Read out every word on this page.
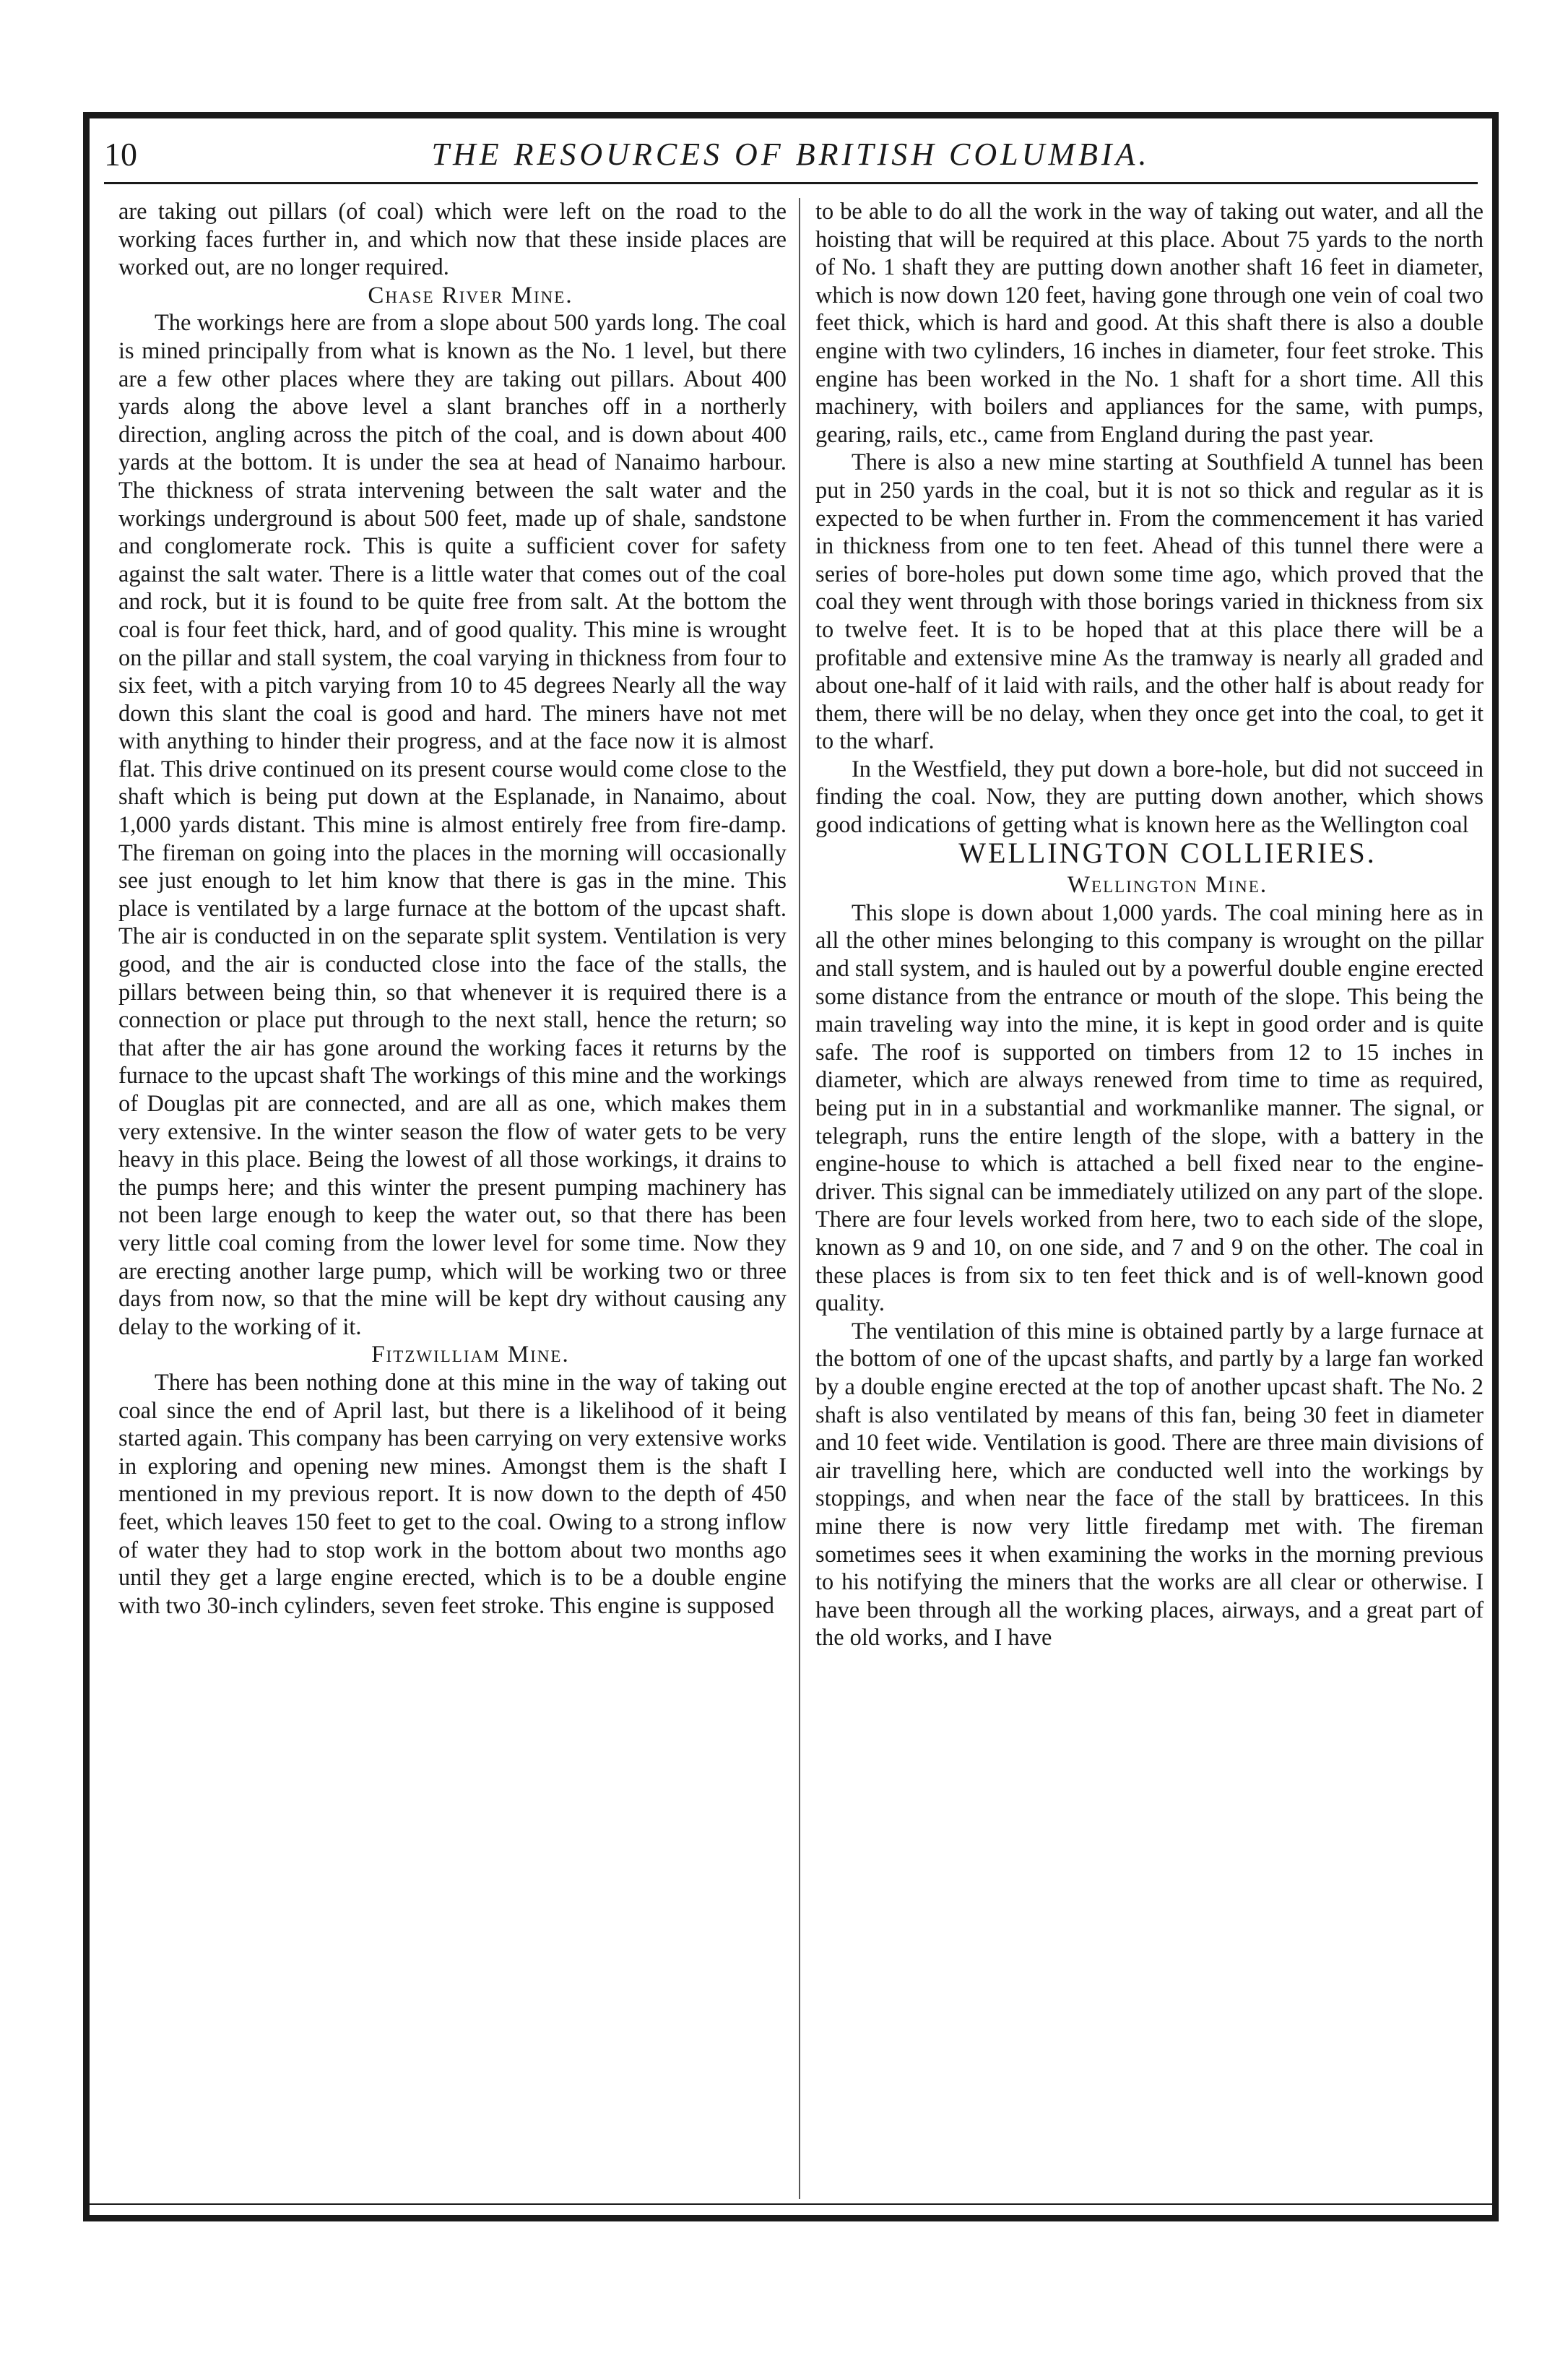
10	THE RESOURCES OF BRITISH COLUMBIA.

are taking out pillars (of coal) which were left on the road to the working faces further in, and which now that these inside places are worked out, are no longer required.

Chase River Mine.

The workings here are from a slope about 500 yards long. The coal is mined principally from what is known as the No. 1 level, but there are a few other places where they are taking out pillars. About 400 yards along the above level a slant branches off in a northerly direction, angling across the pitch of the coal, and is down about 400 yards at the bottom. It is under the sea at head of Nanaimo harbour. The thickness of strata intervening between the salt water and the workings underground is about 500 feet, made up of shale, sandstone and conglomerate rock. This is quite a sufficient cover for safety against the salt water. There is a little water that comes out of the coal and rock, but it is found to be quite free from salt. At the bottom the coal is four feet thick, hard, and of good quality. This mine is wrought on the pillar and stall system, the coal varying in thickness from four to six feet, with a pitch varying from 10 to 45 degrees Nearly all the way down this slant the coal is good and hard. The miners have not met with anything to hinder their progress, and at the face now it is almost flat. This drive continued on its present course would come close to the shaft which is being put down at the Esplanade, in Nanaimo, about 1,000 yards distant. This mine is almost entirely free from fire-damp. The fireman on going into the places in the morning will occasionally see just enough to let him know that there is gas in the mine. This place is ventilated by a large furnace at the bottom of the upcast shaft. The air is conducted in on the separate split system. Ventilation is very good, and the air is conducted close into the face of the stalls, the pillars between being thin, so that whenever it is required there is a connection or place put through to the next stall, hence the return; so that after the air has gone around the working faces it returns by the furnace to the upcast shaft The workings of this mine and the workings of Douglas pit are connected, and are all as one, which makes them very extensive. In the winter season the flow of water gets to be very heavy in this place. Being the lowest of all those workings, it drains to the pumps here; and this winter the present pumping machinery has not been large enough to keep the water out, so that there has been very little coal coming from the lower level for some time. Now they are erecting another large pump, which will be working two or three days from now, so that the mine will be kept dry without causing any delay to the working of it.

Fitzwilliam Mine.

There has been nothing done at this mine in the way of taking out coal since the end of April last, but there is a likelihood of it being started again. This company has been carrying on very extensive works in exploring and opening new mines. Amongst them is the shaft I mentioned in my previous report. It is now down to the depth of 450 feet, which leaves 150 feet to get to the coal. Owing to a strong inflow of water they had to stop work in the bottom about two months ago until they get a large engine erected, which is to be a double engine with two 30-inch cylinders, seven feet stroke. This engine is supposed

to be able to do all the work in the way of taking out water, and all the hoisting that will be required at this place. About 75 yards to the north of No. 1 shaft they are putting down another shaft 16 feet in diameter, which is now down 120 feet, having gone through one vein of coal two feet thick, which is hard and good. At this shaft there is also a double engine with two cylinders, 16 inches in diameter, four feet stroke. This engine has been worked in the No. 1 shaft for a short time. All this machinery, with boilers and appliances for the same, with pumps, gearing, rails, etc., came from England during the past year.

There is also a new mine starting at Southfield A tunnel has been put in 250 yards in the coal, but it is not so thick and regular as it is expected to be when further in. From the commencement it has varied in thickness from one to ten feet. Ahead of this tunnel there were a series of bore-holes put down some time ago, which proved that the coal they went through with those borings varied in thickness from six to twelve feet. It is to be hoped that at this place there will be a profitable and extensive mine As the tramway is nearly all graded and about one-half of it laid with rails, and the other half is about ready for them, there will be no delay, when they once get into the coal, to get it to the wharf.

In the Westfield, they put down a bore-hole, but did not succeed in finding the coal. Now, they are putting down another, which shows good indications of getting what is known here as the Wellington coal

WELLINGTON COLLIERIES.

Wellington Mine.

This slope is down about 1,000 yards. The coal mining here as in all the other mines belonging to this company is wrought on the pillar and stall system, and is hauled out by a powerful double engine erected some distance from the entrance or mouth of the slope. This being the main traveling way into the mine, it is kept in good order and is quite safe. The roof is supported on timbers from 12 to 15 inches in diameter, which are always renewed from time to time as required, being put in in a substantial and workmanlike manner. The signal, or telegraph, runs the entire length of the slope, with a battery in the engine-house to which is attached a bell fixed near to the engine-driver. This signal can be immediately utilized on any part of the slope. There are four levels worked from here, two to each side of the slope, known as 9 and 10, on one side, and 7 and 9 on the other. The coal in these places is from six to ten feet thick and is of well-known good quality.

The ventilation of this mine is obtained partly by a large furnace at the bottom of one of the upcast shafts, and partly by a large fan worked by a double engine erected at the top of another upcast shaft. The No. 2 shaft is also ventilated by means of this fan, being 30 feet in diameter and 10 feet wide. Ventilation is good. There are three main divisions of air travelling here, which are conducted well into the workings by stoppings, and when near the face of the stall by bratticees. In this mine there is now very little firedamp met with. The fireman sometimes sees it when examining the works in the morning previous to his notifying the miners that the works are all clear or otherwise. I have been through all the working places, airways, and a great part of the old works, and I have
